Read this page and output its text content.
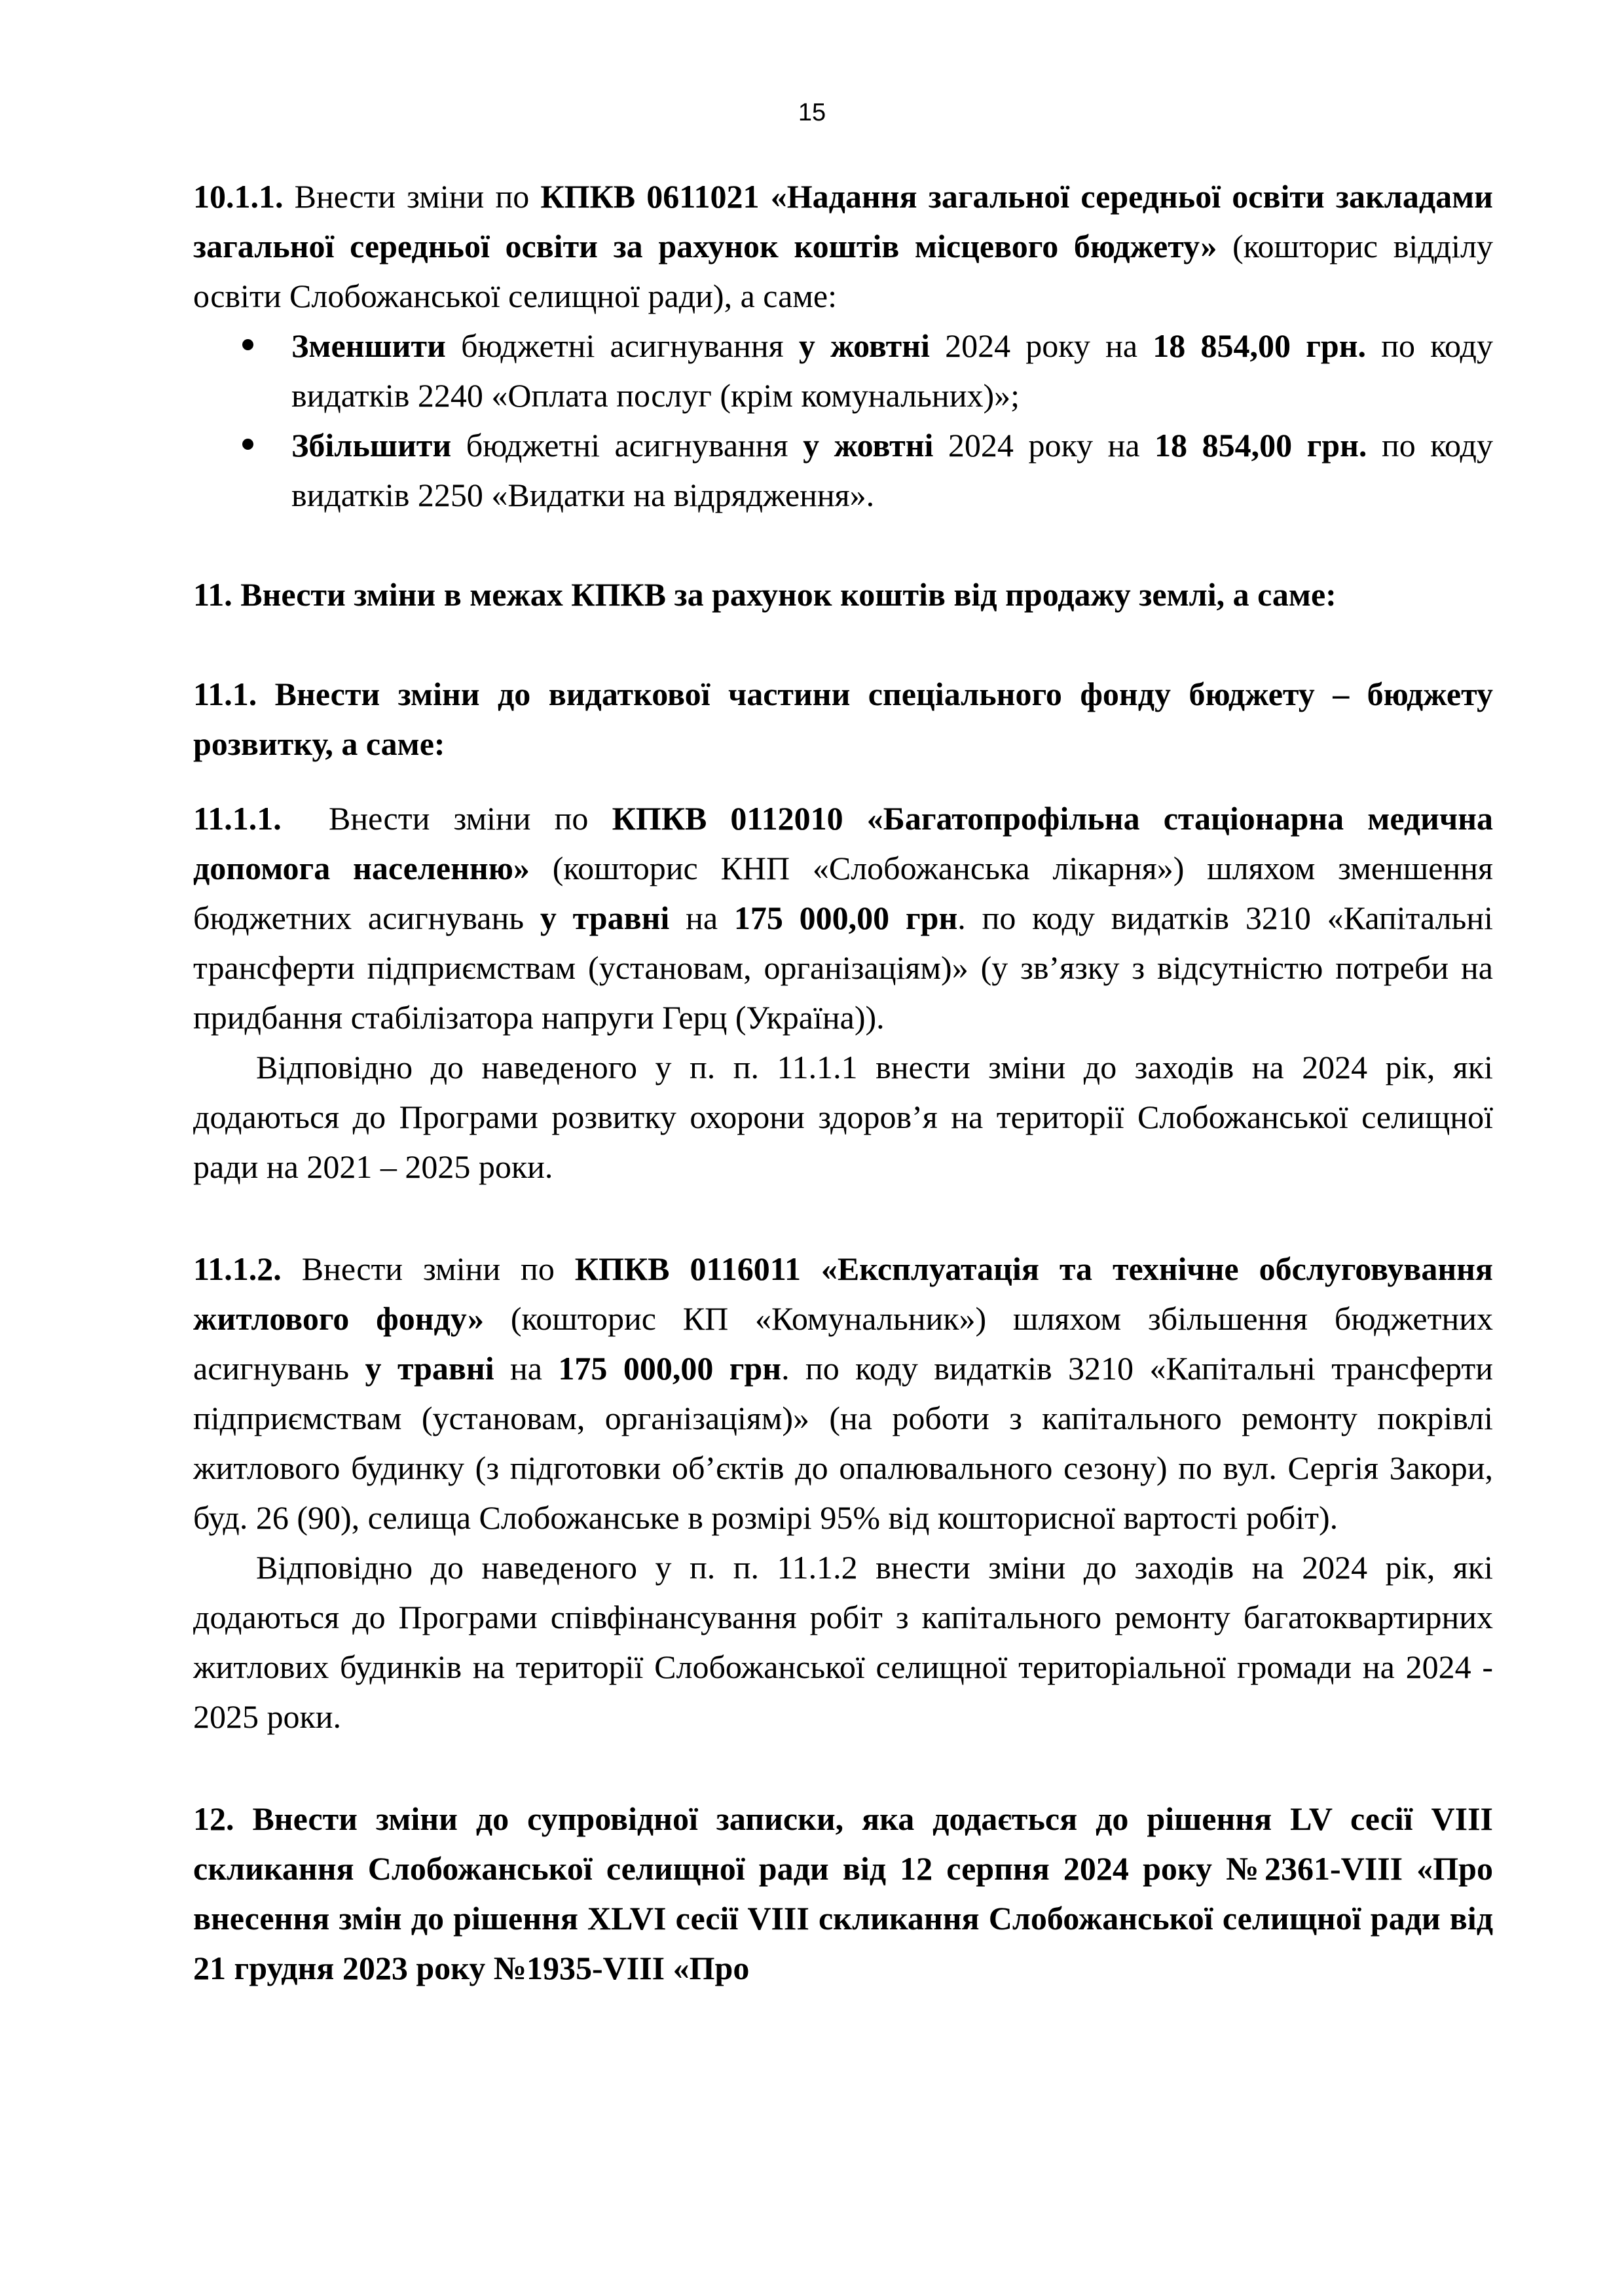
15

10.1.1. Внести зміни по КПКВ 0611021 «Надання загальної середньої освіти закладами загальної середньої освіти за рахунок коштів місцевого бюджету» (кошторис відділу освіти Слобожанської селищної ради), а саме:

Зменшити бюджетні асигнування у жовтні 2024 року на 18 854,00 грн. по коду видатків 2240 «Оплата послуг (крім комунальних)»;
Збільшити бюджетні асигнування у жовтні 2024 року на 18 854,00 грн. по коду видатків 2250 «Видатки на відрядження».

11. Внести зміни в межах КПКВ за рахунок коштів від продажу землі, а саме:

11.1. Внести зміни до видаткової частини спеціального фонду бюджету – бюджету розвитку, а саме:

11.1.1.  Внести зміни по КПКВ 0112010 «Багатопрофільна стаціонарна медична допомога населенню» (кошторис КНП «Слобожанська лікарня») шляхом зменшення бюджетних асигнувань у травні на 175 000,00 грн. по коду видатків 3210 «Капітальні трансферти підприємствам (установам, організаціям)» (у зв’язку з відсутністю потреби на придбання стабілізатора напруги Герц (Україна)).

Відповідно до наведеного у п. п. 11.1.1 внести зміни до заходів на 2024 рік, які додаються до Програми розвитку охорони здоров’я на території Слобожанської селищної ради на 2021 – 2025 роки.

11.1.2. Внести зміни по КПКВ 0116011 «Експлуатація та технічне обслуговування житлового фонду» (кошторис КП «Комунальник») шляхом збільшення бюджетних асигнувань у травні на 175 000,00 грн. по коду видатків 3210 «Капітальні трансферти підприємствам (установам, організаціям)» (на роботи з капітального ремонту покрівлі житлового будинку (з підготовки об’єктів до опалювального сезону) по вул. Сергія Закори, буд. 26 (90), селища Слобожанське в розмірі 95% від кошторисної вартості робіт).

Відповідно до наведеного у п. п. 11.1.2 внести зміни до заходів на 2024 рік, які додаються до Програми співфінансування робіт з капітального ремонту багатоквартирних житлових будинків на території Слобожанської селищної територіальної громади на 2024 - 2025 роки.

12. Внести зміни до супровідної записки, яка додається до рішення LV сесії VIII скликання Слобожанської селищної ради від 12 серпня 2024 року №2361-VIII «Про внесення змін до рішення XLVI сесії VIII скликання Слобожанської селищної ради від 21 грудня 2023 року №1935-VIII «Про
